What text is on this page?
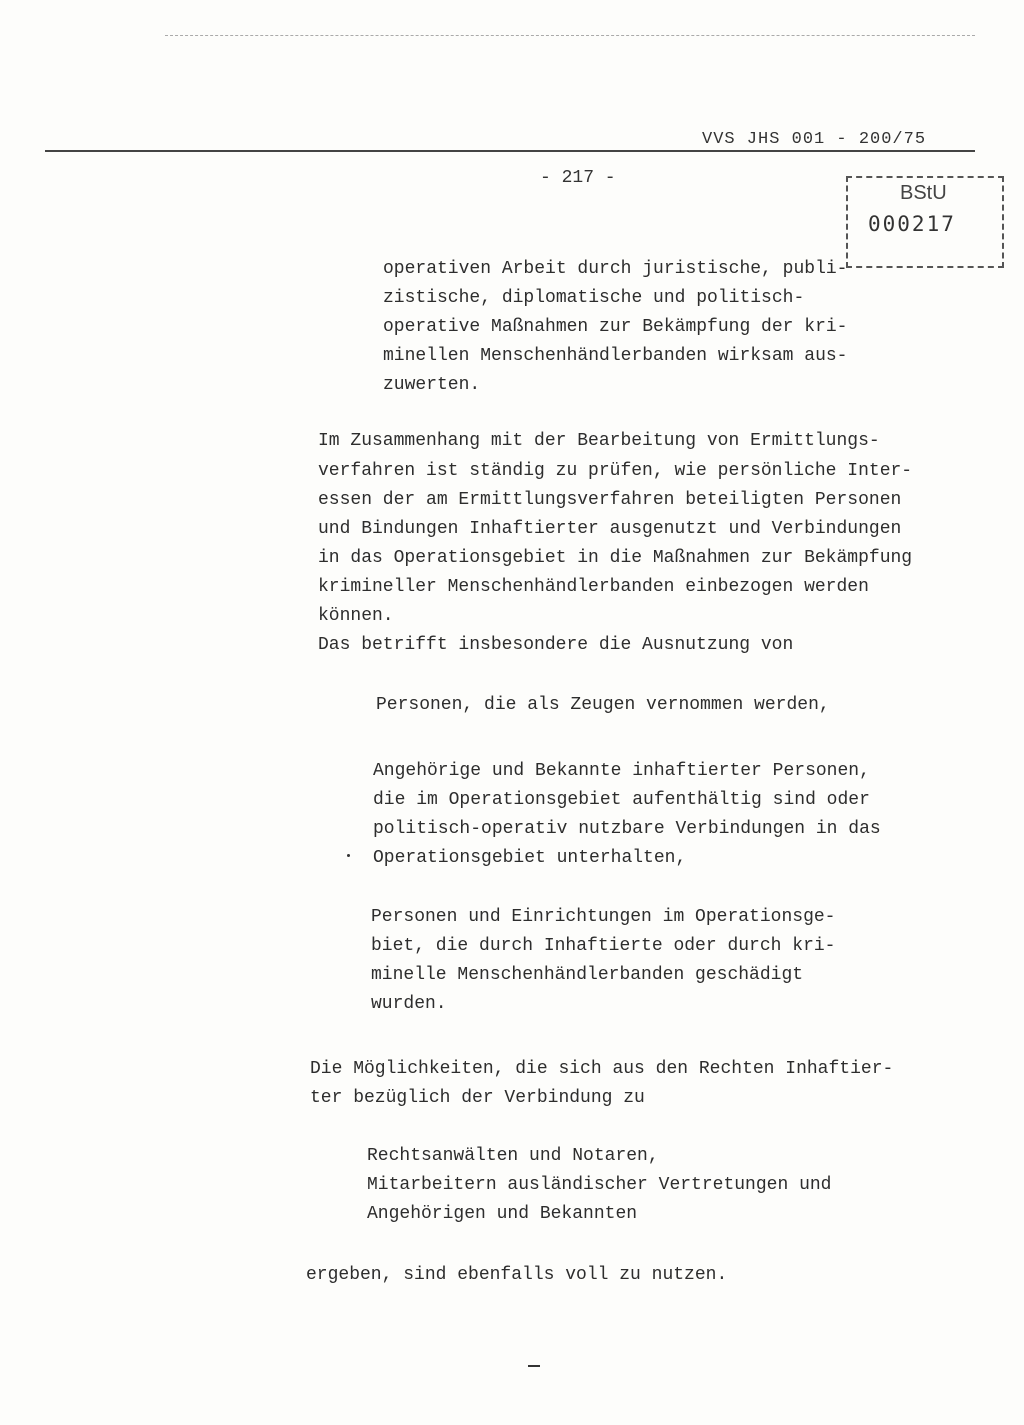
VVS JHS 001 - 200/75
- 217 -
BStU
000217
operativen Arbeit durch juristische, publi-
zistische, diplomatische und politisch-
operative Maßnahmen zur Bekämpfung der kri-
minellen Menschenhändlerbanden wirksam aus-
zuwerten.
Im Zusammenhang mit der Bearbeitung von Ermittlungs-
verfahren ist ständig zu prüfen, wie persönliche Inter-
essen der am Ermittlungsverfahren beteiligten Personen
und Bindungen Inhaftierter ausgenutzt und Verbindungen
in das Operationsgebiet in die Maßnahmen zur Bekämpfung
krimineller Menschenhändlerbanden einbezogen werden
können.
Das betrifft insbesondere die Ausnutzung von
Personen, die als Zeugen vernommen werden,
Angehörige und Bekannte inhaftierter Personen,
die im Operationsgebiet aufenthältig sind oder
politisch-operativ nutzbare Verbindungen in das
Operationsgebiet unterhalten,
Personen und Einrichtungen im Operationsge-
biet, die durch Inhaftierte oder durch kri-
minelle Menschenhändlerbanden geschädigt
wurden.
Die Möglichkeiten, die sich aus den Rechten Inhaftier-
ter bezüglich der Verbindung zu
Rechtsanwälten und Notaren,
Mitarbeitern ausländischer Vertretungen und
Angehörigen und Bekannten
ergeben, sind ebenfalls voll zu nutzen.
